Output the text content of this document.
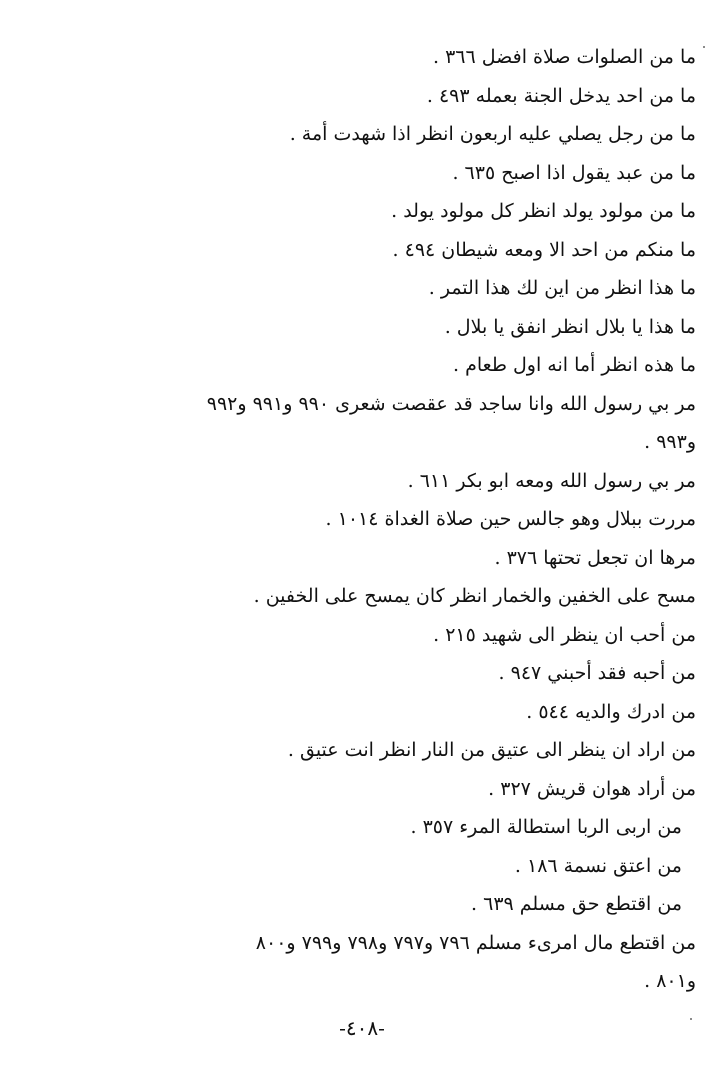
ما من الصلوات صلاة افضل ٣٦٦ .
ما من احد يدخل الجنة بعمله ٤٩٣ .
ما من رجل يصلي عليه اربعون انظر اذا شهدت أمة .
ما من عبد يقول اذا اصبح ٦٣٥ .
ما من مولود يولد انظر كل مولود يولد .
ما منكم من احد الا ومعه شيطان ٤٩٤ .
ما هذا انظر من اين لك هذا التمر .
ما هذا يا بلال انظر انفق يا بلال .
ما هذه انظر أما انه اول طعام .
مر بي رسول الله وانا ساجد قد عقصت شعرى ٩٩٠ و٩٩١ و٩٩٢
و٩٩٣ .
مر بي رسول الله ومعه ابو بكر ٦١١ .
مررت ببلال وهو جالس حين صلاة الغداة ١٠١٤ .
مرها ان تجعل تحتها ٣٧٦ .
مسح على الخفين والخمار انظر كان يمسح على الخفين .
من أحب ان ينظر الى شهيد ٢١٥ .
من أحبه فقد أحبني ٩٤٧ .
من ادرك والديه ٥٤٤ .
من اراد ان ينظر الى عتيق من النار انظر انت عتيق .
من أراد هوان قريش ٣٢٧ .
من اربى الربا استطالة المرء ٣٥٧ .
من اعتق نسمة ١٨٦ .
من اقتطع حق مسلم ٦٣٩ .
من اقتطع مال امرىء مسلم ٧٩٦ و٧٩٧ و٧٩٨ و٧٩٩ و٨٠٠
و٨٠١ .
-٤٠٨-
